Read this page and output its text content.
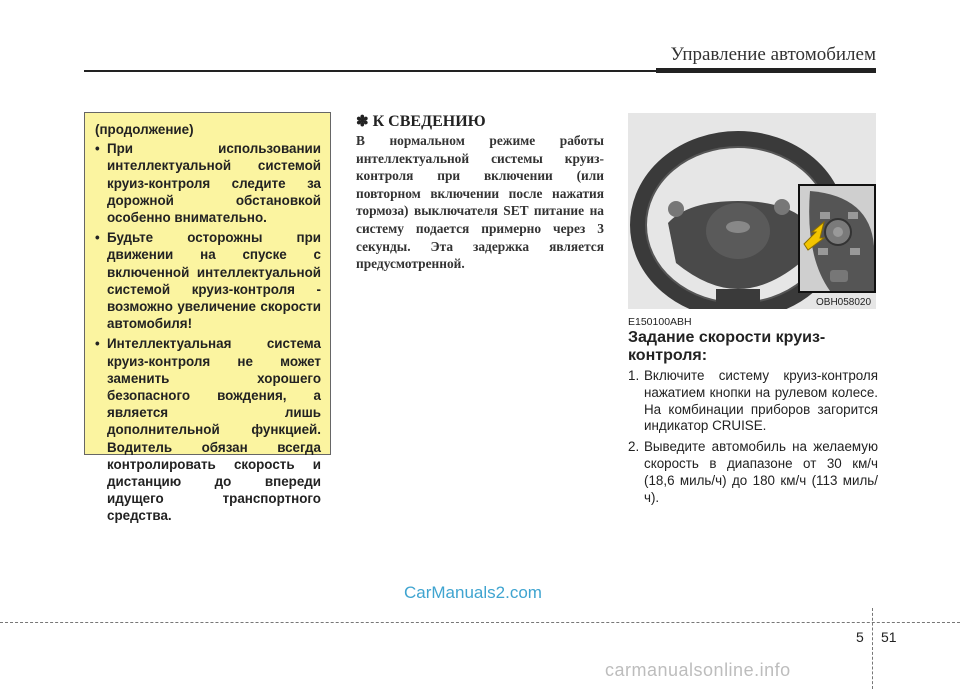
Управление автомобилем
(продолжение)
• При использовании интеллектуальной системой круиз-контроля следите за дорожной обстановкой особенно внимательно.
• Будьте осторожны при движении на спуске с включенной интеллектуальной системой круиз-контроля - возможно увеличение скорости автомобиля!
• Интеллектуальная система круиз-контроля не может заменить хорошего безопасного вождения, а является лишь дополнительной функцией. Водитель обязан всегда контролировать скорость и дистанцию до впереди идущего транспортного средства.
✽ К СВЕДЕНИЮ
В нормальном режиме работы интеллектуальной системы круиз-контроля при включении (или повторном включении после нажатия тормоза) выключателя SET питание на систему подается примерно через 3 секунды. Эта задержка является предусмотренной.
OBH058020
E150100ABH
Задание скорости круиз-контроля:
1. Включите систему круиз-контроля нажатием кнопки на рулевом колесе. На комбинации приборов загорится индикатор CRUISE.
2. Выведите автомобиль на желаемую скорость в диапазоне от 30 км/ч (18,6 миль/ч) до 180 км/ч (113 миль/ч).
CarManuals2.com
5 51
carmanualsonline.info
